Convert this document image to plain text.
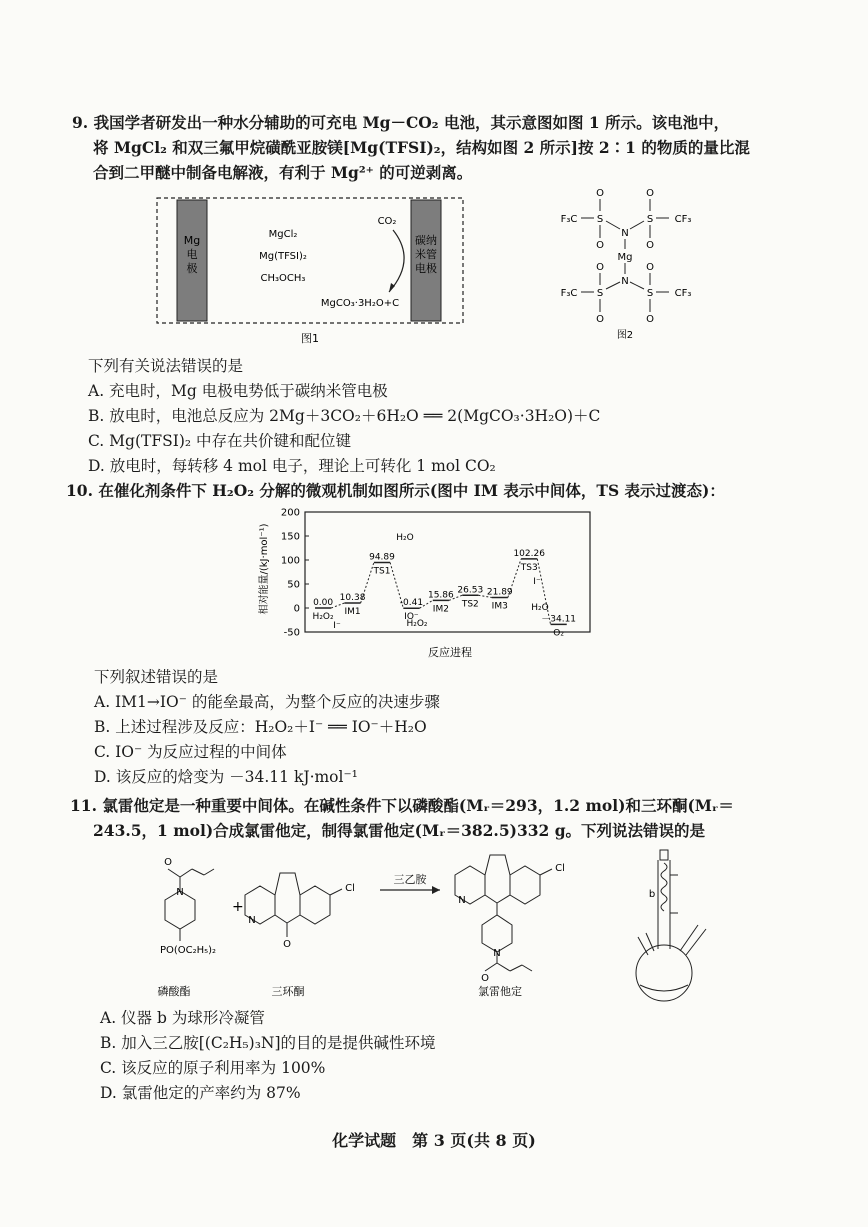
9. 我国学者研发出一种水分辅助的可充电 Mg－CO₂ 电池，其示意图如图 1 所示。该电池中，
将 MgCl₂ 和双三氟甲烷磺酰亚胺镁[Mg(TFSI)₂，结构如图 2 所示]按 2∶1 的物质的量比混
合到二甲醚中制备电解液，有利于 Mg²⁺ 的可逆剥离。
Mg
电
极
碳纳
米管
电极
MgCl₂
Mg(TFSI)₂
CH₃OCH₃
CO₂
MgCO₃·3H₂O+C
图1
F₃C S
O
O
N
S
O
O
CF₃
Mg
N
F₃C S
O
O
S
O
O
CF₃
图2
下列有关说法错误的是
A. 充电时，Mg 电极电势低于碳纳米管电极
B. 放电时，电池总反应为 2Mg＋3CO₂＋6H₂O ══ 2(MgCO₃·3H₂O)＋C
C. Mg(TFSI)₂ 中存在共价键和配位键
D. 放电时，每转移 4 mol 电子，理论上可转化 1 mol CO₂
10. 在催化剂条件下 H₂O₂ 分解的微观机制如图所示(图中 IM 表示中间体，TS 表示过渡态)：
相对能量/(kJ·mol⁻¹)
反应进程
-50
0
50
100
150
200
0.00
H₂O₂
10.38
IM1
94.89
TS1
-0.41
IO⁻
15.86
IM2
26.53
TS2
21.89
IM3
102.26
TS3
－34.11
O₂
I⁻
H₂O
H₂O₂
I⁻
H₂O
下列叙述错误的是
A. IM1→IO⁻ 的能垒最高，为整个反应的决速步骤
B. 上述过程涉及反应：H₂O₂＋I⁻ ══ IO⁻＋H₂O
C. IO⁻ 为反应过程的中间体
D. 该反应的焓变为 －34.11 kJ·mol⁻¹
11. 氯雷他定是一种重要中间体。在碱性条件下以磷酸酯(Mᵣ＝293，1.2 mol)和三环酮(Mᵣ＝
243.5，1 mol)合成氯雷他定，制得氯雷他定(Mᵣ＝382.5)332 g。下列说法错误的是
O
N
PO(OC₂H₅)₂
磷酸酯
+
N
O
Cl
三环酮
三乙胺
N
N
O
Cl
氯雷他定
b
A. 仪器 b 为球形冷凝管
B. 加入三乙胺[(C₂H₅)₃N]的目的是提供碱性环境
C. 该反应的原子利用率为 100%
D. 氯雷他定的产率约为 87%
化学试题　第 3 页(共 8 页)
